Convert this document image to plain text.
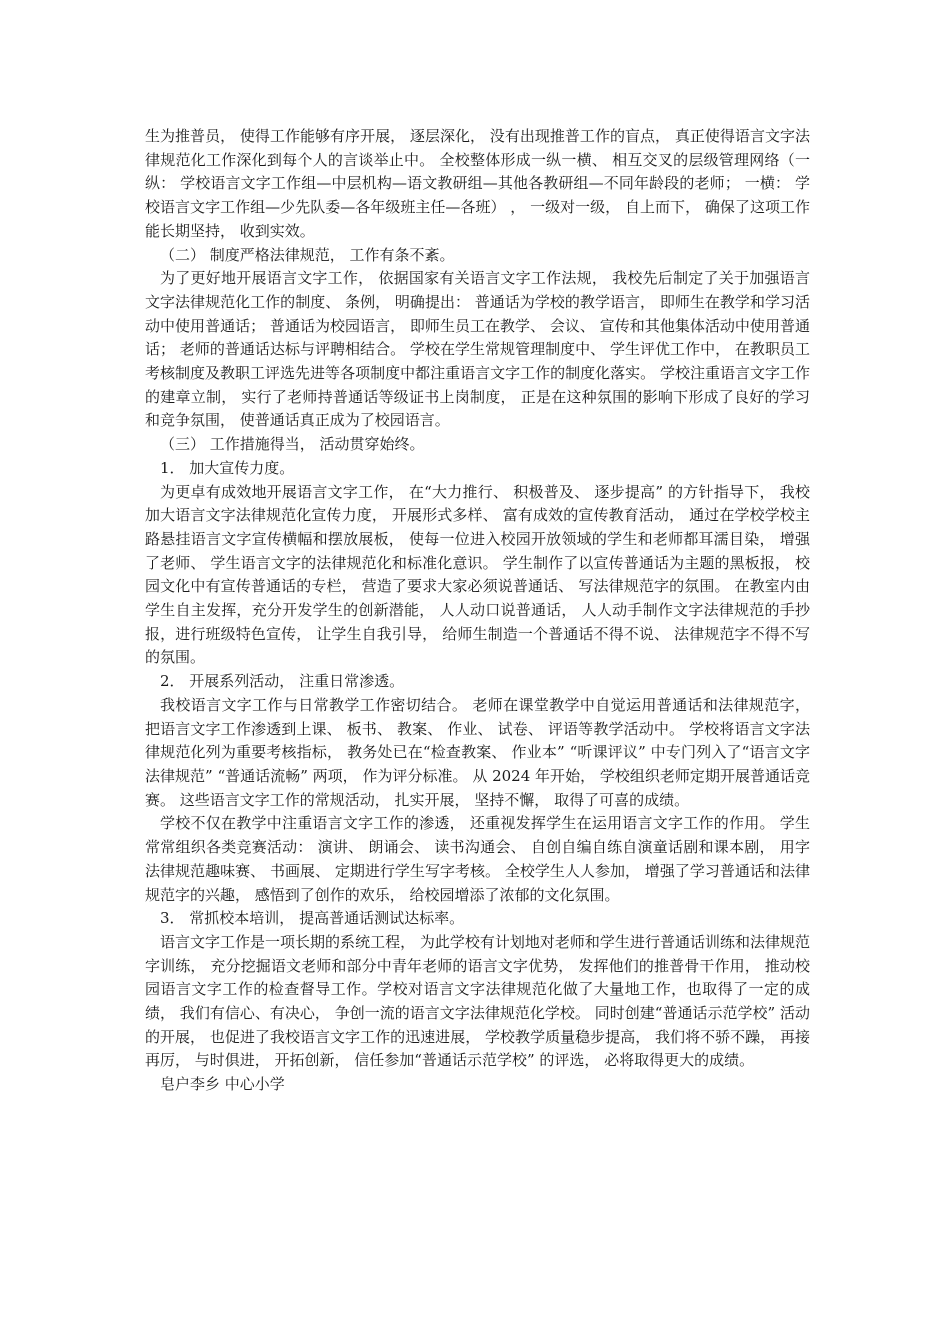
生为推普员， 使得工作能够有序开展， 逐层深化， 没有出现推普工作的盲点， 真正使得语言文字法律规范化工作深化到每个人的言谈举止中。 全校整体形成一纵一横、 相互交叉的层级管理网络（一纵： 学校语言文字工作组—中层机构—语文教研组—其他各教研组—不同年龄段的老师； 一横： 学校语言文字工作组—少先队委—各年级班主任—各班） ， 一级对一级， 自上而下， 确保了这项工作能长期坚持， 收到实效。

（二） 制度严格法律规范， 工作有条不紊。

为了更好地开展语言文字工作， 依据国家有关语言文字工作法规， 我校先后制定了关于加强语言文字法律规范化工作的制度、 条例， 明确提出： 普通话为学校的教学语言， 即师生在教学和学习活动中使用普通话； 普通话为校园语言， 即师生员工在教学、 会议、 宣传和其他集体活动中使用普通话； 老师的普通话达标与评聘相结合。 学校在学生常规管理制度中、 学生评优工作中， 在教职员工考核制度及教职工评选先进等各项制度中都注重语言文字工作的制度化落实。 学校注重语言文字工作的建章立制， 实行了老师持普通话等级证书上岗制度， 正是在这种氛围的影响下形成了良好的学习和竞争氛围， 使普通话真正成为了校园语言。

（三） 工作措施得当， 活动贯穿始终。

1． 加大宣传力度。

为更卓有成效地开展语言文字工作， 在“大力推行、 积极普及、 逐步提高” 的方针指导下， 我校加大语言文字法律规范化宣传力度， 开展形式多样、 富有成效的宣传教育活动， 通过在学校学校主路悬挂语言文字宣传横幅和摆放展板， 使每一位进入校园开放领域的学生和老师都耳濡目染， 增强了老师、 学生语言文字的法律规范化和标准化意识。 学生制作了以宣传普通话为主题的黑板报， 校园文化中有宣传普通话的专栏， 营造了要求大家必须说普通话、 写法律规范字的氛围。 在教室内由学生自主发挥，充分开发学生的创新潜能， 人人动口说普通话， 人人动手制作文字法律规范的手抄报，进行班级特色宣传， 让学生自我引导， 给师生制造一个普通话不得不说、 法律规范字不得不写的氛围。

2． 开展系列活动， 注重日常渗透。

我校语言文字工作与日常教学工作密切结合。 老师在课堂教学中自觉运用普通话和法律规范字， 把语言文字工作渗透到上课、 板书、 教案、 作业、 试卷、 评语等教学活动中。 学校将语言文字法律规范化列为重要考核指标， 教务处已在“检查教案、 作业本” “听课评议” 中专门列入了“语言文字法律规范” “普通话流畅” 两项， 作为评分标准。 从 2024 年开始， 学校组织老师定期开展普通话竞赛。 这些语言文字工作的常规活动， 扎实开展， 坚持不懈， 取得了可喜的成绩。

学校不仅在教学中注重语言文字工作的渗透， 还重视发挥学生在运用语言文字工作的作用。 学生常常组织各类竞赛活动： 演讲、 朗诵会、 读书沟通会、 自创自编自练自演童话剧和课本剧， 用字法律规范趣味赛、 书画展、 定期进行学生写字考核。 全校学生人人参加， 增强了学习普通话和法律规范字的兴趣， 感悟到了创作的欢乐， 给校园增添了浓郁的文化氛围。

3． 常抓校本培训， 提高普通话测试达标率。

语言文字工作是一项长期的系统工程， 为此学校有计划地对老师和学生进行普通话训练和法律规范字训练， 充分挖掘语文老师和部分中青年老师的语言文字优势， 发挥他们的推普骨干作用， 推动校园语言文字工作的检查督导工作。学校对语言文字法律规范化做了大量地工作，也取得了一定的成绩， 我们有信心、有决心， 争创一流的语言文字法律规范化学校。 同时创建“普通话示范学校” 活动的开展， 也促进了我校语言文字工作的迅速进展， 学校教学质量稳步提高， 我们将不骄不躁， 再接再厉， 与时俱进， 开拓创新， 信任参加“普通话示范学校” 的评选， 必将取得更大的成绩。

皂户李乡 中心小学
